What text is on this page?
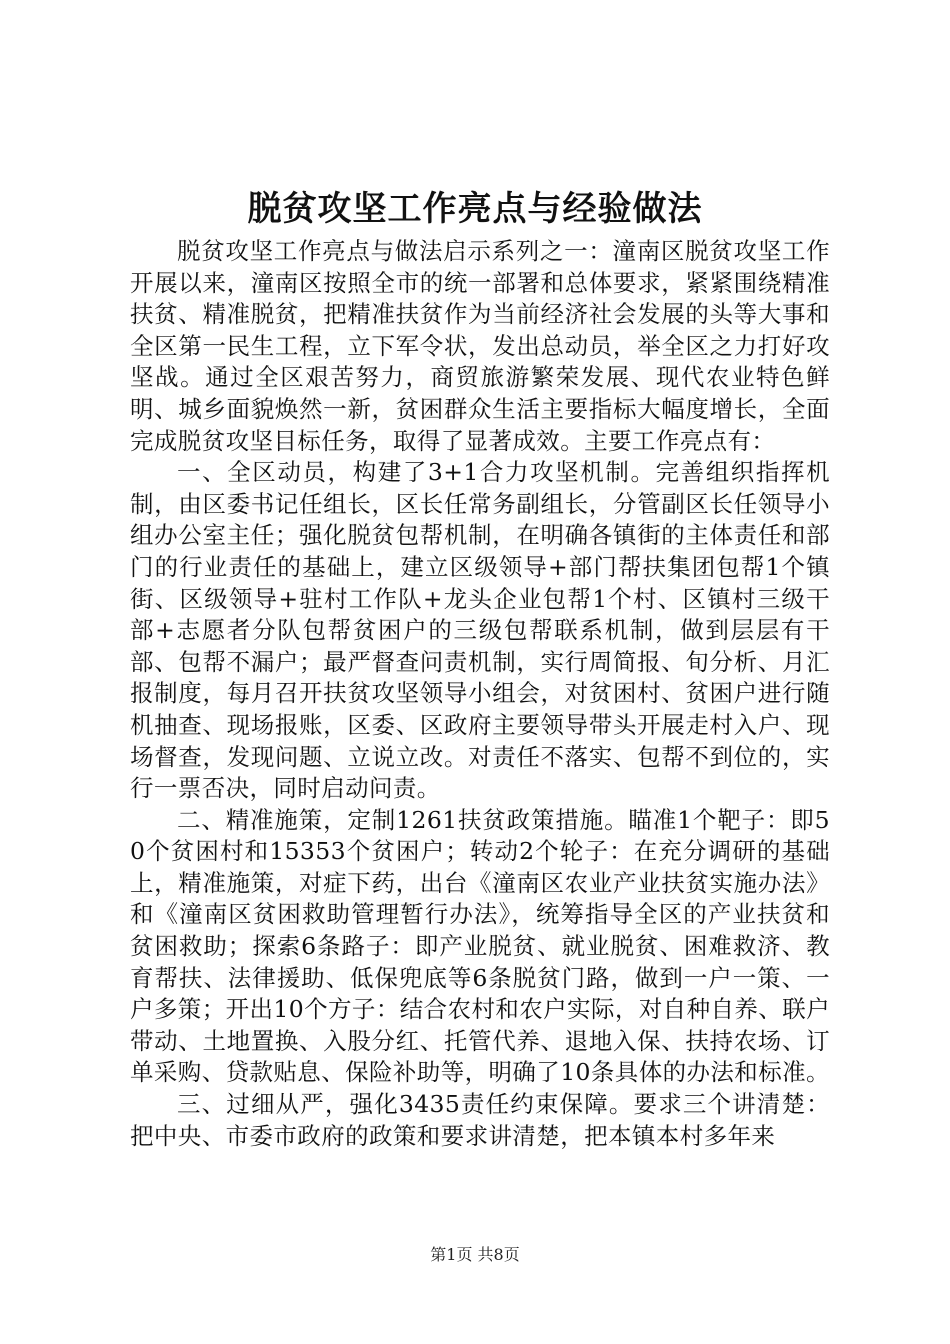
脱贫攻坚工作亮点与经验做法

脱贫攻坚工作亮点与做法启示系列之一：潼南区脱贫攻坚工作开展以来，潼南区按照全市的统一部署和总体要求，紧紧围绕精准扶贫、精准脱贫，把精准扶贫作为当前经济社会发展的头等大事和全区第一民生工程，立下军令状，发出总动员，举全区之力打好攻坚战。通过全区艰苦努力，商贸旅游繁荣发展、现代农业特色鲜明、城乡面貌焕然一新，贫困群众生活主要指标大幅度增长，全面完成脱贫攻坚目标任务，取得了显著成效。主要工作亮点有：

一、全区动员，构建了3+1合力攻坚机制。完善组织指挥机制，由区委书记任组长，区长任常务副组长，分管副区长任领导小组办公室主任；强化脱贫包帮机制，在明确各镇街的主体责任和部门的行业责任的基础上，建立区级领导+部门帮扶集团包帮1个镇街、区级领导+驻村工作队+龙头企业包帮1个村、区镇村三级干部+志愿者分队包帮贫困户的三级包帮联系机制，做到层层有干部、包帮不漏户；最严督查问责机制，实行周简报、旬分析、月汇报制度，每月召开扶贫攻坚领导小组会，对贫困村、贫困户进行随机抽查、现场报账，区委、区政府主要领导带头开展走村入户、现场督查，发现问题、立说立改。对责任不落实、包帮不到位的，实行一票否决，同时启动问责。

二、精准施策，定制1261扶贫政策措施。瞄准1个靶子：即50个贫困村和15353个贫困户；转动2个轮子：在充分调研的基础上，精准施策，对症下药，出台《潼南区农业产业扶贫实施办法》和《潼南区贫困救助管理暂行办法》，统筹指导全区的产业扶贫和贫困救助；探索6条路子：即产业脱贫、就业脱贫、困难救济、教育帮扶、法律援助、低保兜底等6条脱贫门路，做到一户一策、一户多策；开出10个方子：结合农村和农户实际，对自种自养、联户带动、土地置换、入股分红、托管代养、退地入保、扶持农场、订单采购、贷款贴息、保险补助等，明确了10条具体的办法和标准。

三、过细从严，强化3435责任约束保障。要求三个讲清楚：把中央、市委市政府的政策和要求讲清楚，把本镇本村多年来

第1页 共8页
